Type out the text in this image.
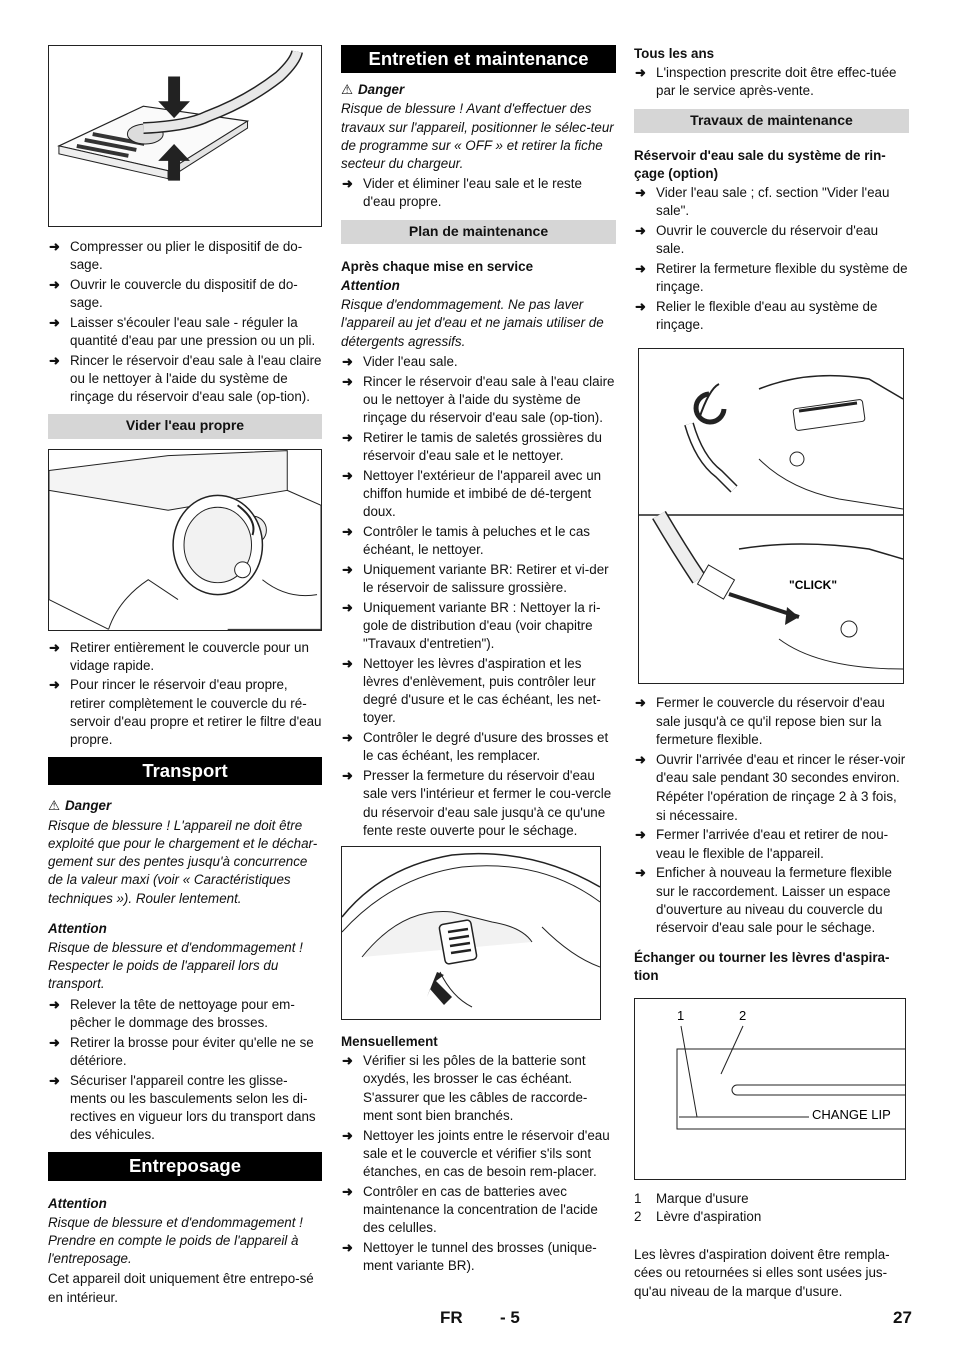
➜ Compresser ou plier le dispositif de do-sage.
➜ Ouvrir le couvercle du dispositif de do-sage.
➜ Laisser s'écouler l'eau sale - réguler la quantité d'eau par une pression ou un pli.
➜ Rincer le réservoir d'eau sale à l'eau claire ou le nettoyer à l'aide du système de rinçage du réservoir d'eau sale (op-tion).
Vider l'eau propre
➜ Retirer entièrement le couvercle pour un vidage rapide.
➜ Pour rincer le réservoir d'eau propre, retirer complètement le couvercle du ré-servoir d'eau propre et retirer le filtre d'eau propre.
Transport
⚠ Danger

Risque de blessure ! L'appareil ne doit être exploité que pour le chargement et le déchar-gement sur des pentes jusqu'à concurrence de la valeur maxi (voir « Caractéristiques techniques »). Rouler lentement.

Attention

Risque de blessure et d'endommagement ! Respecter le poids de l'appareil lors du transport.

➜ Relever la tête de nettoyage pour em-pêcher le dommage des brosses.
➜ Retirer la brosse pour éviter qu'elle ne se détériore.
➜ Sécuriser l'appareil contre les glisse-ments ou les basculements selon les di-rectives en vigueur lors du transport dans des véhicules.
Entreposage
Attention

Risque de blessure et d'endommagement ! Prendre en compte le poids de l'appareil à l'entreposage.

Cet appareil doit uniquement être entrepo-sé en intérieur.

Entretien et maintenance
⚠ Danger

Risque de blessure ! Avant d'effectuer des travaux sur l'appareil, positionner le sélec-teur de programme sur « OFF » et retirer la fiche secteur du chargeur.

➜ Vider et éliminer l'eau sale et le reste d'eau propre.
Plan de maintenance
Après chaque mise en service
Attention

Risque d'endommagement. Ne pas laver l'appareil au jet d'eau et ne jamais utiliser de détergents agressifs.

➜ Vider l'eau sale.
➜ Rincer le réservoir d'eau sale à l'eau claire ou le nettoyer à l'aide du système de rinçage du réservoir d'eau sale (op-tion).
➜ Retirer le tamis de saletés grossières du réservoir d'eau sale et le nettoyer.
➜ Nettoyer l'extérieur de l'appareil avec un chiffon humide et imbibé de dé-tergent doux.
➜ Contrôler le tamis à peluches et le cas échéant, le nettoyer.
➜ Uniquement variante BR: Retirer et vi-der le réservoir de salissure grossière.
➜ Uniquement variante BR : Nettoyer la ri-gole de distribution d'eau (voir chapitre "Travaux d'entretien").
➜ Nettoyer les lèvres d'aspiration et les lèvres d'enlèvement, puis contrôler leur degré d'usure et le cas échéant, les net-toyer.
➜ Contrôler le degré d'usure des brosses et le cas échéant, les remplacer.
➜ Presser la fermeture du réservoir d'eau sale vers l'intérieur et fermer le cou-vercle du réservoir d'eau sale jusqu'à ce qu'une fente reste ouverte pour le séchage.
Mensuellement
➜ Vérifier si les pôles de la batterie sont oxydés, les brosser le cas échéant. S'assurer que les câbles de raccorde-ment sont bien branchés.
➜ Nettoyer les joints entre le réservoir d'eau sale et le couvercle et vérifier s'ils sont étanches, en cas de besoin rem-placer.
➜ Contrôler en cas de batteries avec maintenance la concentration de l'acide des celulles.
➜ Nettoyer le tunnel des brosses (unique-ment variante BR).
Tous les ans
➜ L'inspection prescrite doit être effec-tuée par le service après-vente.
Travaux de maintenance
Réservoir d'eau sale du système de rin-çage (option)
➜ Vider l'eau sale ; cf. section "Vider l'eau sale".
➜ Ouvrir le couvercle du réservoir d'eau sale.
➜ Retirer la fermeture flexible du système de rinçage.
➜ Relier le flexible d'eau au système de rinçage.
"CLICK"
➜ Fermer le couvercle du réservoir d'eau sale jusqu'à ce qu'il repose bien sur la fermeture flexible.
➜ Ouvrir l'arrivée d'eau et rincer le réser-voir d'eau sale pendant 30 secondes environ.

Répéter l'opération de rinçage 2 à 3 fois, si nécessaire.

➜ Fermer l'arrivée d'eau et retirer de nou-veau le flexible de l'appareil.
➜ Enficher à nouveau la fermeture flexible sur le raccordement. Laisser un espace d'ouverture au niveau du couvercle du réservoir d'eau sale pour le séchage.
Échanger ou tourner les lèvres d'aspira-tion
1	2
CHANGE LIP
1 Marque d'usure
2 Lèvre d'aspiration

Les lèvres d'aspiration doivent être rempla-cées ou retournées si elles sont usées jus-qu'au niveau de la marque d'usure.

FR - 5	27
